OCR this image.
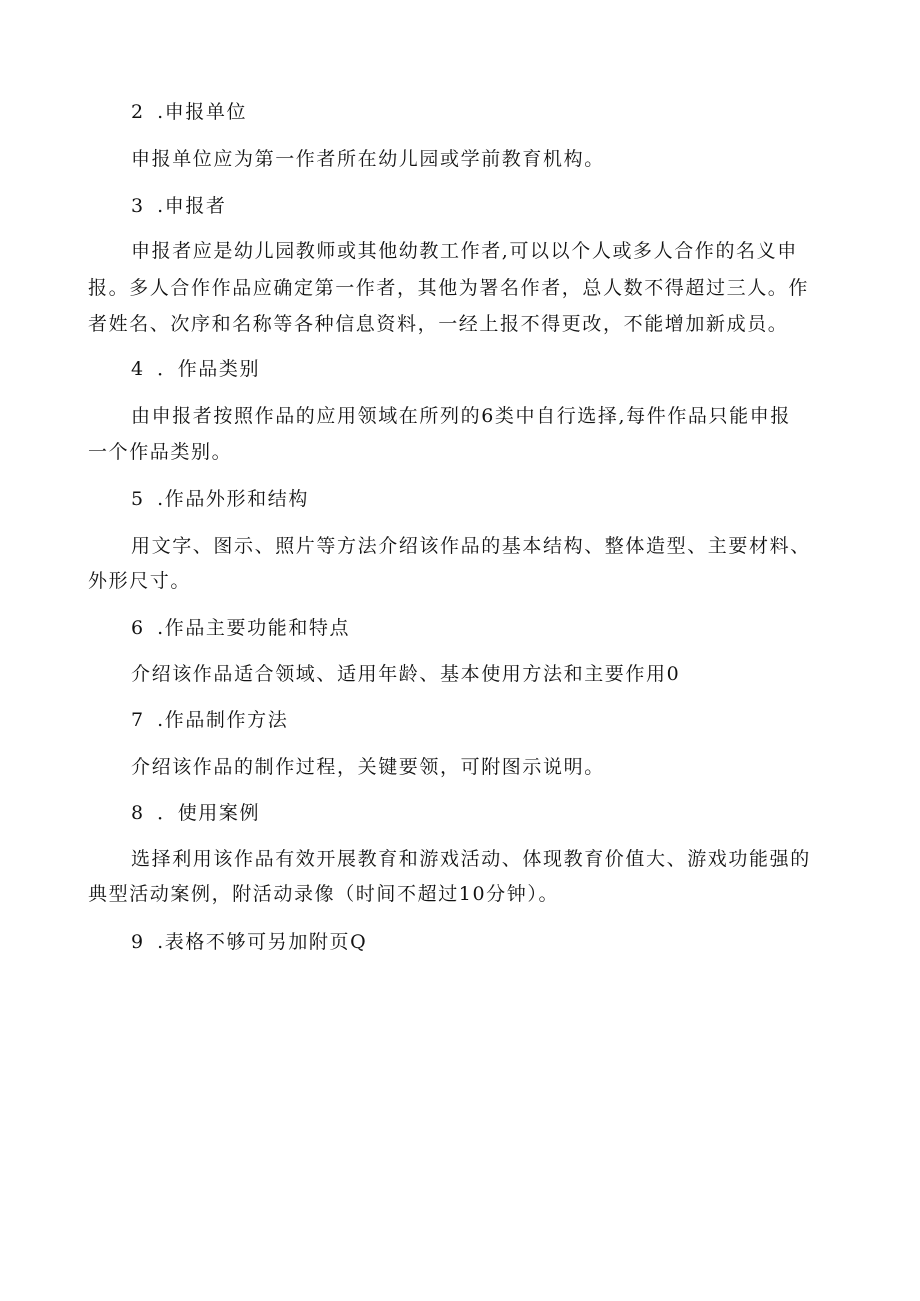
2 .申报单位
申报单位应为第一作者所在幼儿园或学前教育机构。
3 .申报者
申报者应是幼儿园教师或其他幼教工作者,可以以个人或多人合作的名义申
报。多人合作作品应确定第一作者，其他为署名作者，总人数不得超过三人。作
者姓名、次序和名称等各种信息资料，一经上报不得更改，不能增加新成员。
4 ．作品类别
由申报者按照作品的应用领域在所列的6类中自行选择,每件作品只能申报
一个作品类别。
5 .作品外形和结构
用文字、图示、照片等方法介绍该作品的基本结构、整体造型、主要材料、
外形尺寸。
6 .作品主要功能和特点
介绍该作品适合领域、适用年龄、基本使用方法和主要作用0
7 .作品制作方法
介绍该作品的制作过程，关键要领，可附图示说明。
8 ．使用案例
选择利用该作品有效开展教育和游戏活动、体现教育价值大、游戏功能强的
典型活动案例，附活动录像（时间不超过10分钟）。
9 .表格不够可另加附页Q
